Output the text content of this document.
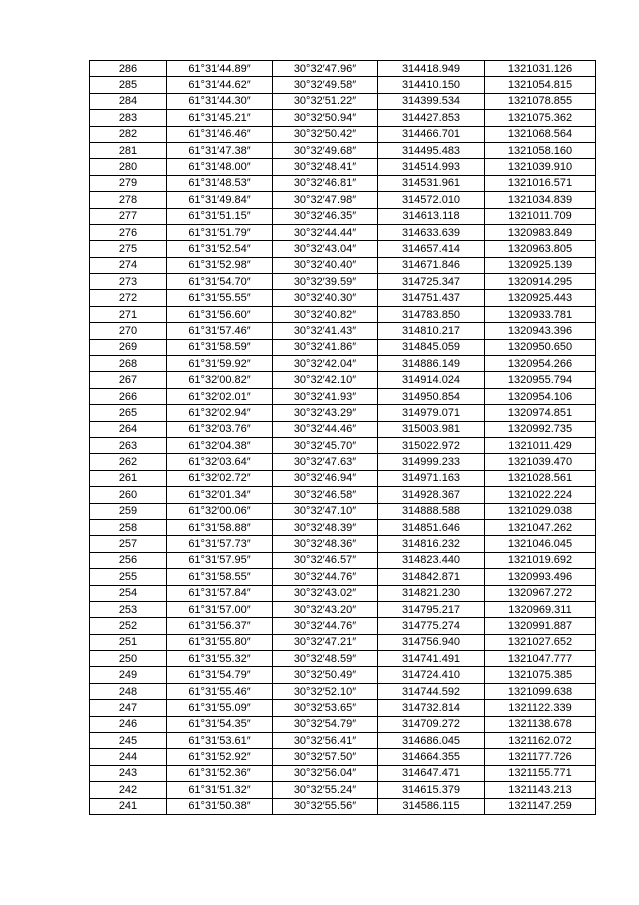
286	61°31′44.89″	30°32′47.96″	314418.949	1321031.126
285	61°31′44.62″	30°32′49.58″	314410.150	1321054.815
284	61°31′44.30″	30°32′51.22″	314399.534	1321078.855
283	61°31′45.21″	30°32′50.94″	314427.853	1321075.362
282	61°31′46.46″	30°32′50.42″	314466.701	1321068.564
281	61°31′47.38″	30°32′49.68″	314495.483	1321058.160
280	61°31′48.00″	30°32′48.41″	314514.993	1321039.910
279	61°31′48.53″	30°32′46.81″	314531.961	1321016.571
278	61°31′49.84″	30°32′47.98″	314572.010	1321034.839
277	61°31′51.15″	30°32′46.35″	314613.118	1321011.709
276	61°31′51.79″	30°32′44.44″	314633.639	1320983.849
275	61°31′52.54″	30°32′43.04″	314657.414	1320963.805
274	61°31′52.98″	30°32′40.40″	314671.846	1320925.139
273	61°31′54.70″	30°32′39.59″	314725.347	1320914.295
272	61°31′55.55″	30°32′40.30″	314751.437	1320925.443
271	61°31′56.60″	30°32′40.82″	314783.850	1320933.781
270	61°31′57.46″	30°32′41.43″	314810.217	1320943.396
269	61°31′58.59″	30°32′41.86″	314845.059	1320950.650
268	61°31′59.92″	30°32′42.04″	314886.149	1320954.266
267	61°32′00.82″	30°32′42.10″	314914.024	1320955.794
266	61°32′02.01″	30°32′41.93″	314950.854	1320954.106
265	61°32′02.94″	30°32′43.29″	314979.071	1320974.851
264	61°32′03.76″	30°32′44.46″	315003.981	1320992.735
263	61°32′04.38″	30°32′45.70″	315022.972	1321011.429
262	61°32′03.64″	30°32′47.63″	314999.233	1321039.470
261	61°32′02.72″	30°32′46.94″	314971.163	1321028.561
260	61°32′01.34″	30°32′46.58″	314928.367	1321022.224
259	61°32′00.06″	30°32′47.10″	314888.588	1321029.038
258	61°31′58.88″	30°32′48.39″	314851.646	1321047.262
257	61°31′57.73″	30°32′48.36″	314816.232	1321046.045
256	61°31′57.95″	30°32′46.57″	314823.440	1321019.692
255	61°31′58.55″	30°32′44.76″	314842.871	1320993.496
254	61°31′57.84″	30°32′43.02″	314821.230	1320967.272
253	61°31′57.00″	30°32′43.20″	314795.217	1320969.311
252	61°31′56.37″	30°32′44.76″	314775.274	1320991.887
251	61°31′55.80″	30°32′47.21″	314756.940	1321027.652
250	61°31′55.32″	30°32′48.59″	314741.491	1321047.777
249	61°31′54.79″	30°32′50.49″	314724.410	1321075.385
248	61°31′55.46″	30°32′52.10″	314744.592	1321099.638
247	61°31′55.09″	30°32′53.65″	314732.814	1321122.339
246	61°31′54.35″	30°32′54.79″	314709.272	1321138.678
245	61°31′53.61″	30°32′56.41″	314686.045	1321162.072
244	61°31′52.92″	30°32′57.50″	314664.355	1321177.726
243	61°31′52.36″	30°32′56.04″	314647.471	1321155.771
242	61°31′51.32″	30°32′55.24″	314615.379	1321143.213
241	61°31′50.38″	30°32′55.56″	314586.115	1321147.259
